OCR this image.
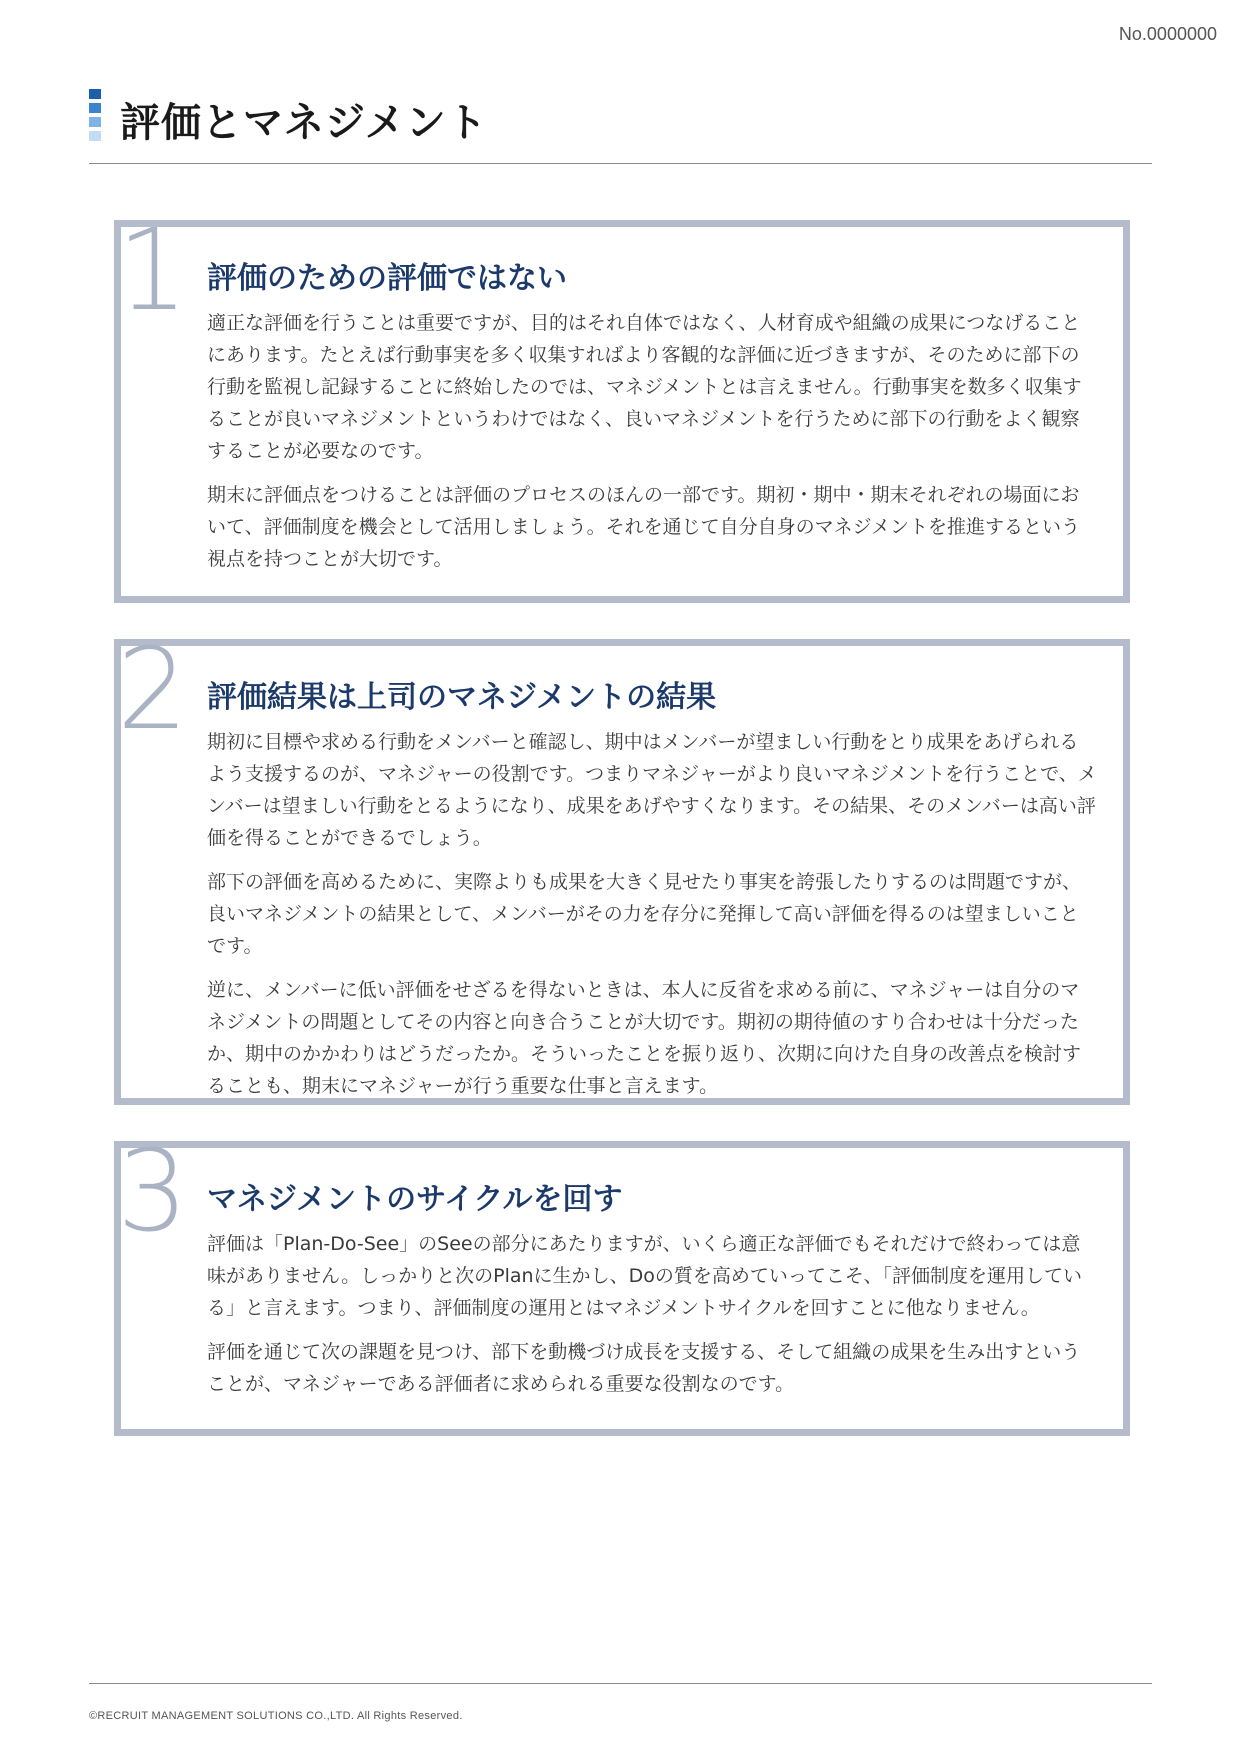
No.0000000
評価とマネジメント
1 評価のための評価ではない

適正な評価を行うことは重要ですが、目的はそれ自体ではなく、人材育成や組織の成果につなげることにあります。たとえば行動事実を多く収集すればより客観的な評価に近づきますが、そのために部下の行動を監視し記録することに終始したのでは、マネジメントとは言えません。行動事実を数多く収集することが良いマネジメントというわけではなく、良いマネジメントを行うために部下の行動をよく観察することが必要なのです。

期末に評価点をつけることは評価のプロセスのほんの一部です。期初・期中・期末それぞれの場面において、評価制度を機会として活用しましょう。それを通じて自分自身のマネジメントを推進するという視点を持つことが大切です。

2 評価結果は上司のマネジメントの結果

期初に目標や求める行動をメンバーと確認し、期中はメンバーが望ましい行動をとり成果をあげられるよう支援するのが、マネジャーの役割です。つまりマネジャーがより良いマネジメントを行うことで、メンバーは望ましい行動をとるようになり、成果をあげやすくなります。その結果、そのメンバーは高い評価を得ることができるでしょう。

部下の評価を高めるために、実際よりも成果を大きく見せたり事実を誇張したりするのは問題ですが、良いマネジメントの結果として、メンバーがその力を存分に発揮して高い評価を得るのは望ましいことです。

逆に、メンバーに低い評価をせざるを得ないときは、本人に反省を求める前に、マネジャーは自分のマネジメントの問題としてその内容と向き合うことが大切です。期初の期待値のすり合わせは十分だったか、期中のかかわりはどうだったか。そういったことを振り返り、次期に向けた自身の改善点を検討することも、期末にマネジャーが行う重要な仕事と言えます。

3 マネジメントのサイクルを回す

評価は「Plan-Do-See」のSeeの部分にあたりますが、いくら適正な評価でもそれだけで終わっては意味がありません。しっかりと次のPlanに生かし、Doの質を高めていってこそ、「評価制度を運用している」と言えます。つまり、評価制度の運用とはマネジメントサイクルを回すことに他なりません。

評価を通じて次の課題を見つけ、部下を動機づけ成長を支援する、そして組織の成果を生み出すということが、マネジャーである評価者に求められる重要な役割なのです。

©RECRUIT MANAGEMENT SOLUTIONS CO.,LTD. All Rights Reserved.
